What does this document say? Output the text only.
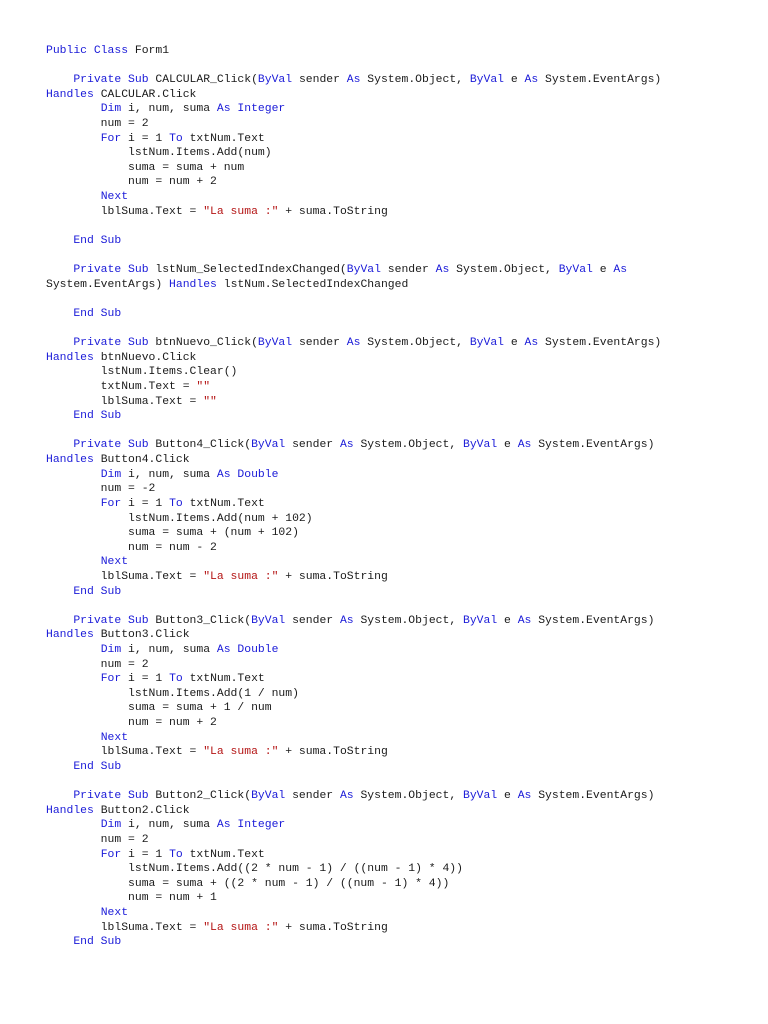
Public Class Form1
Private Sub CALCULAR_Click(ByVal sender As System.Object, ByVal e As System.EventArgs)
Handles CALCULAR.Click
Dim i, num, suma As Integer
num = 2
For i = 1 To txtNum.Text
lstNum.Items.Add(num)
suma = suma + num
num = num + 2
Next
lblSuma.Text = "La suma :" + suma.ToString
End Sub
Private Sub lstNum_SelectedIndexChanged(ByVal sender As System.Object, ByVal e As
System.EventArgs) Handles lstNum.SelectedIndexChanged
End Sub
Private Sub btnNuevo_Click(ByVal sender As System.Object, ByVal e As System.EventArgs)
Handles btnNuevo.Click
lstNum.Items.Clear()
txtNum.Text = ""
lblSuma.Text = ""
End Sub
Private Sub Button4_Click(ByVal sender As System.Object, ByVal e As System.EventArgs)
Handles Button4.Click
Dim i, num, suma As Double
num = -2
For i = 1 To txtNum.Text
lstNum.Items.Add(num + 102)
suma = suma + (num + 102)
num = num - 2
Next
lblSuma.Text = "La suma :" + suma.ToString
End Sub
Private Sub Button3_Click(ByVal sender As System.Object, ByVal e As System.EventArgs)
Handles Button3.Click
Dim i, num, suma As Double
num = 2
For i = 1 To txtNum.Text
lstNum.Items.Add(1 / num)
suma = suma + 1 / num
num = num + 2
Next
lblSuma.Text = "La suma :" + suma.ToString
End Sub
Private Sub Button2_Click(ByVal sender As System.Object, ByVal e As System.EventArgs)
Handles Button2.Click
Dim i, num, suma As Integer
num = 2
For i = 1 To txtNum.Text
lstNum.Items.Add((2 * num - 1) / ((num - 1) * 4))
suma = suma + ((2 * num - 1) / ((num - 1) * 4))
num = num + 1
Next
lblSuma.Text = "La suma :" + suma.ToString
End Sub
